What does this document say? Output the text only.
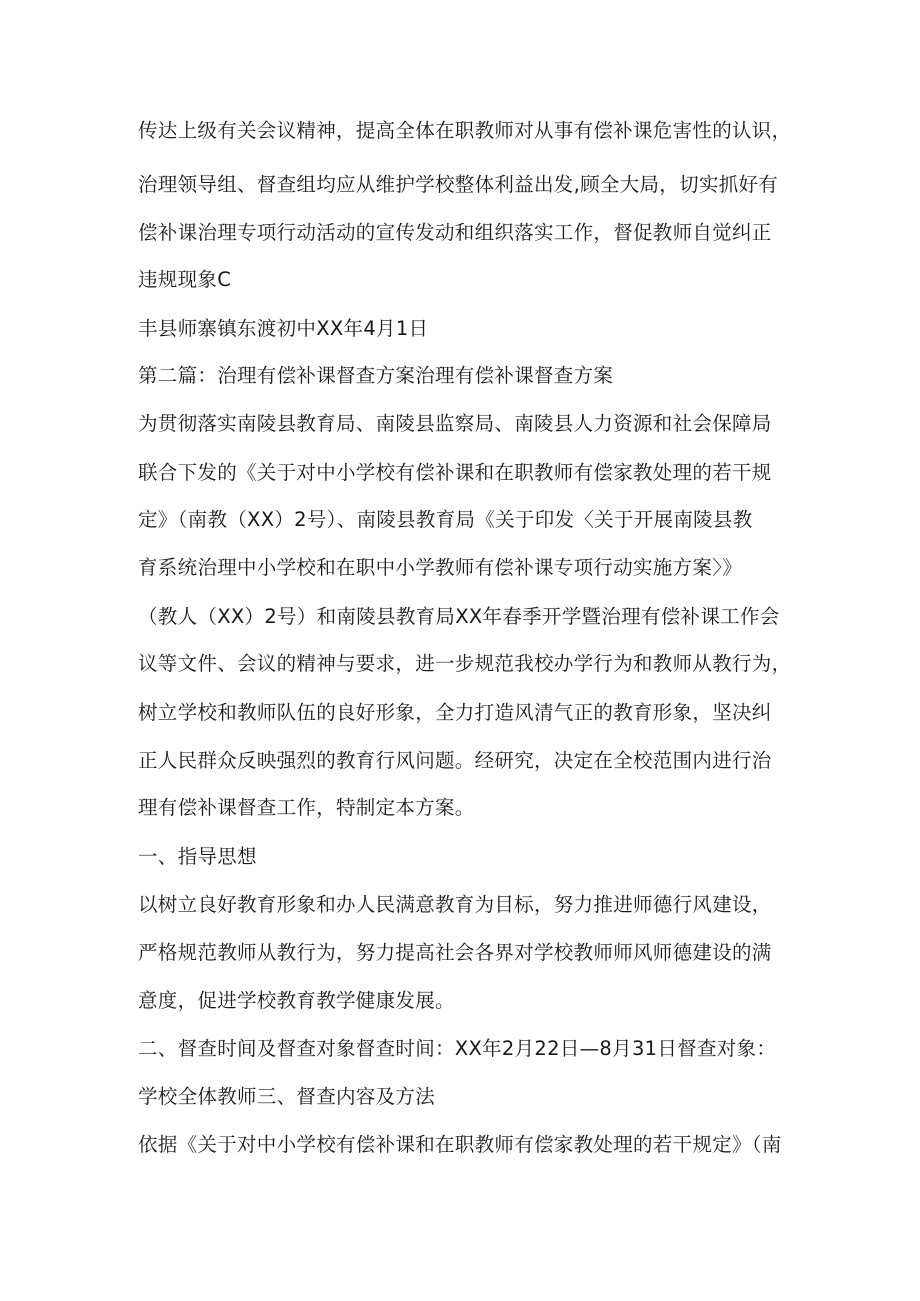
传达上级有关会议精神，提高全体在职教师对从事有偿补课危害性的认识，
治理领导组、督查组均应从维护学校整体利益出发,顾全大局，切实抓好有
偿补课治理专项行动活动的宣传发动和组织落实工作，督促教师自觉纠正
违规现象C
丰县师寨镇东渡初中XX年4月1日
第二篇：治理有偿补课督查方案治理有偿补课督查方案
为贯彻落实南陵县教育局、南陵县监察局、南陵县人力资源和社会保障局
联合下发的《关于对中小学校有偿补课和在职教师有偿家教处理的若干规
定》（南教（XX）2号）、南陵县教育局《关于印发〈关于开展南陵县教
育系统治理中小学校和在职中小学教师有偿补课专项行动实施方案〉》
（教人（XX）2号）和南陵县教育局XX年春季开学暨治理有偿补课工作会
议等文件、会议的精神与要求，进一步规范我校办学行为和教师从教行为，
树立学校和教师队伍的良好形象，全力打造风清气正的教育形象，坚决纠
正人民群众反映强烈的教育行风问题。经研究，决定在全校范围内进行治
理有偿补课督查工作，特制定本方案。
一、指导思想
以树立良好教育形象和办人民满意教育为目标，努力推进师德行风建设，
严格规范教师从教行为，努力提高社会各界对学校教师师风师德建设的满
意度，促进学校教育教学健康发展。
二、督查时间及督查对象督查时间：XX年2月22日—8月31日督查对象：
学校全体教师三、督查内容及方法
依据《关于对中小学校有偿补课和在职教师有偿家教处理的若干规定》（南
